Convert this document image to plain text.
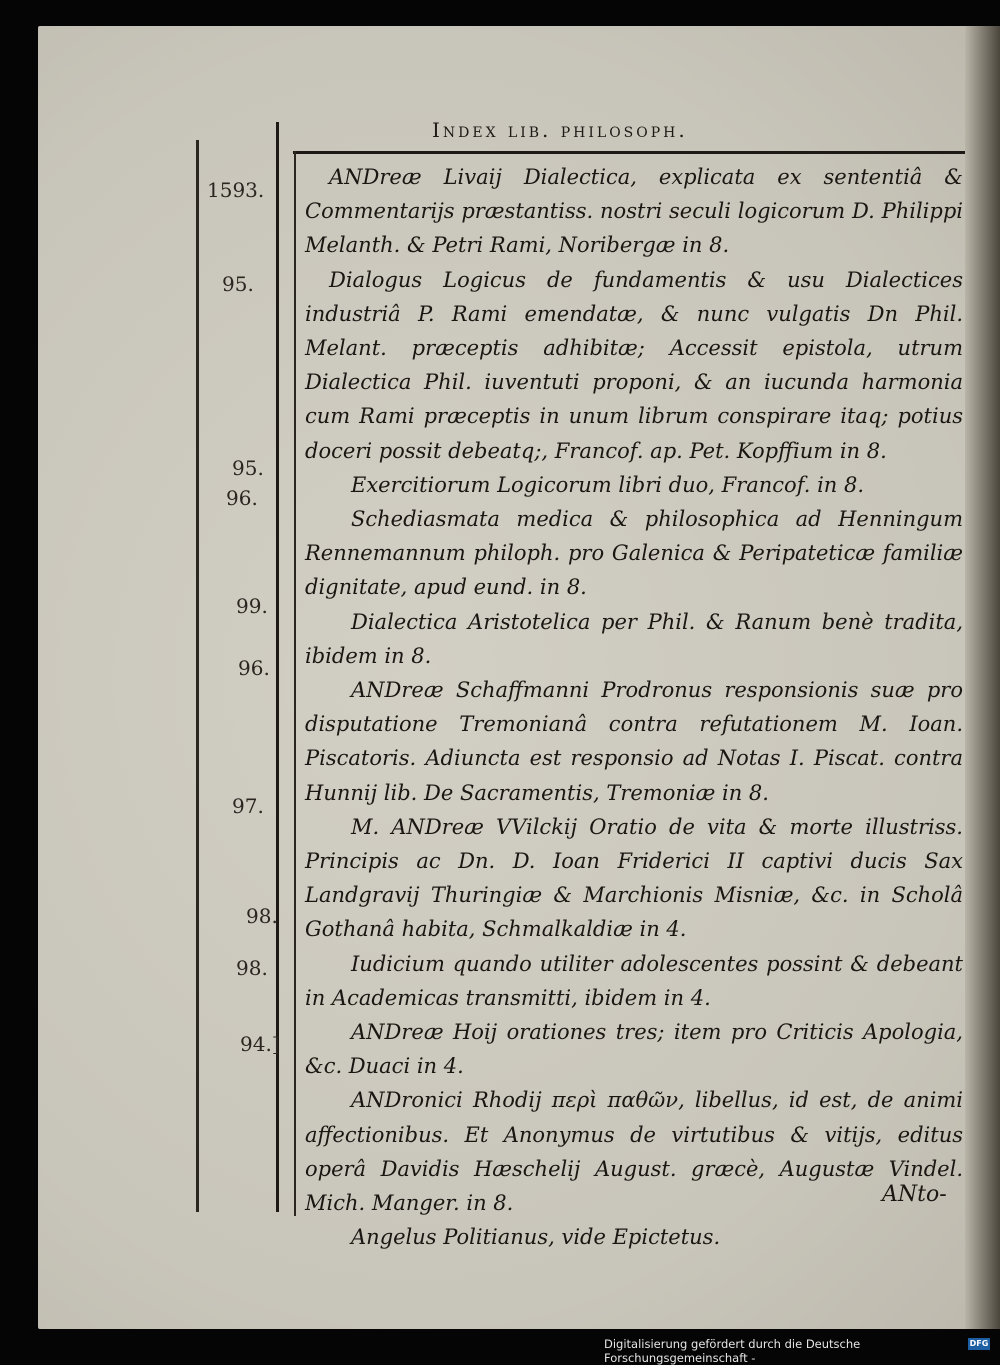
Index lib. philosoph.
1593.
95.
95.
96.
99.
96.
97.
98.
98.
94.]

ANDreæ Livaij Dialectica, explicata ex sententiâ & Commentarijs præstantiss. nostri seculi logicorum D. Philippi Melanth. & Petri Rami, Noribergæ in 8.

Dialogus Logicus de fundamentis & usu Dialectices industriâ P. Rami emendatæ, & nunc vulgatis Dn Phil. Melant. præceptis adhibitæ; Accessit epistola, utrum Dialectica Phil. iuventuti proponi, & an iucunda harmonia cum Rami præceptis in unum librum conspirare itaq; potius doceri possit debeatq;, Francof. ap. Pet. Kopffium in 8.

Exercitiorum Logicorum libri duo, Francof. in 8.

Schediasmata medica & philosophica ad Henningum Rennemannum philoph. pro Galenica & Peripateticæ familiæ dignitate, apud eund. in 8.

Dialectica Aristotelica per Phil. & Ranum benè tradita, ibidem in 8.

ANDreæ Schaffmanni Prodronus responsionis suæ pro disputatione Tremonianâ contra refutationem M. Ioan. Piscatoris. Adiuncta est responsio ad Notas I. Piscat. contra Hunnij lib. De Sacramentis, Tremoniæ in 8.

M. ANDreæ VVilckij Oratio de vita & morte illustriss. Principis ac Dn. D. Ioan Friderici II captivi ducis Sax Landgravij Thuringiæ & Marchionis Misniæ, &c. in Scholâ Gothanâ habita, Schmalkaldiæ in 4.

Iudicium quando utiliter adolescentes possint & debeant in Academicas transmitti, ibidem in 4.

ANDreæ Hoij orationes tres; item pro Criticis Apologia, &c. Duaci in 4.

ANDronici Rhodij περὶ παθῶν, libellus, id est, de animi affectionibus. Et Anonymus de virtutibus & vitijs, editus operâ Davidis Hæschelij August. græcè, Augustæ Vindel. Mich. Manger. in 8.

Angelus Politianus, vide Epictetus.

ANto-
Digitalisierung gefördert durch die Deutsche Forschungsgemeinschaft -
DFG
